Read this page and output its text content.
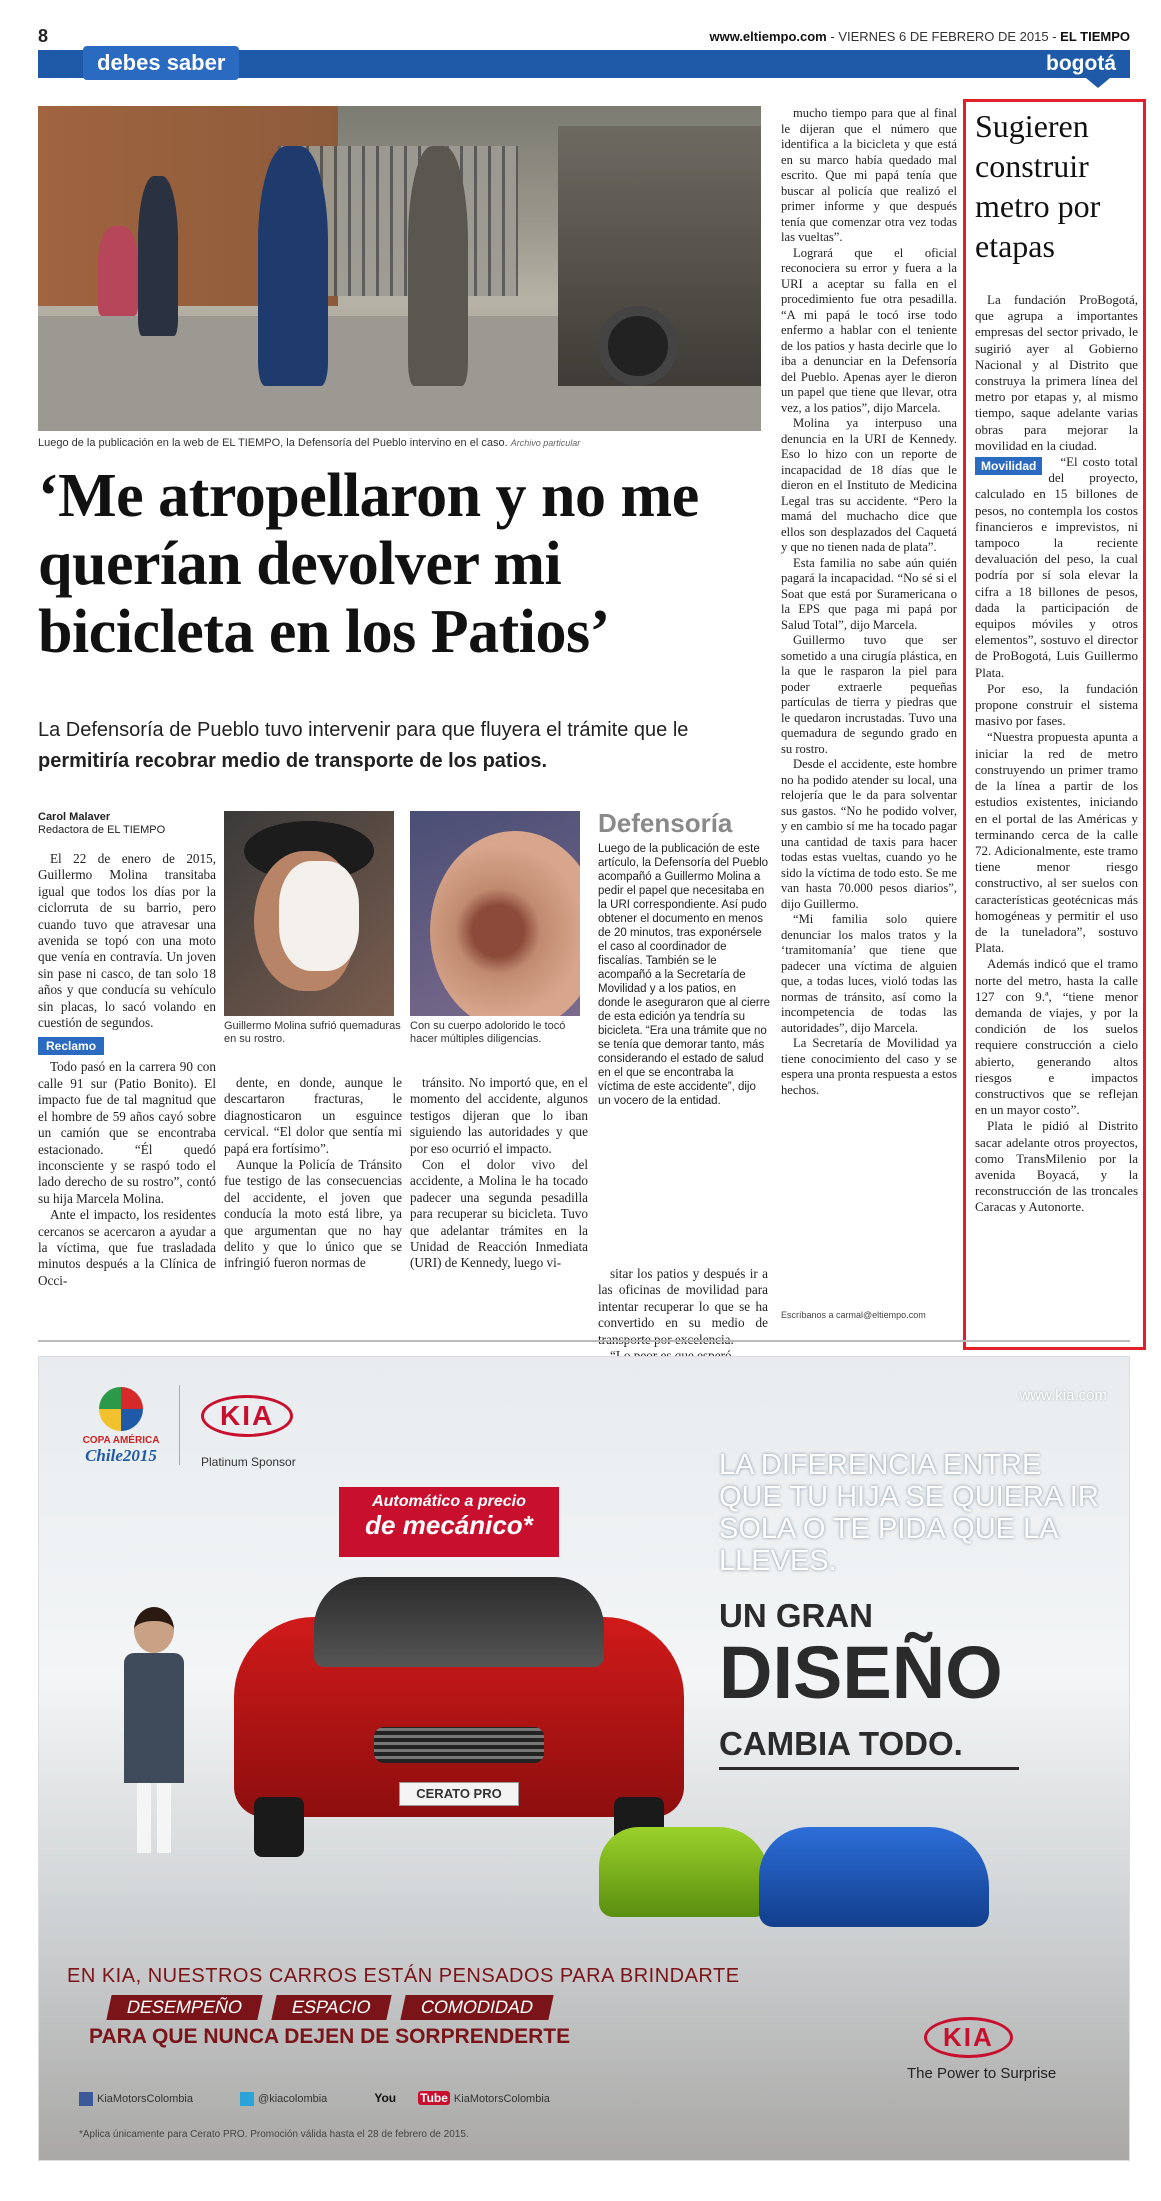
8	www.eltiempo.com - VIERNES 6 DE FEBRERO DE 2015 - EL TIEMPO
debes saber	bogotá
Luego de la publicación en la web de EL TIEMPO, la Defensoría del Pueblo intervino en el caso. Archivo particular
‘Me atropellaron y no me querían devolver mi bicicleta en los Patios’
La Defensoría de Pueblo tuvo intervenir para que fluyera el trámite que le permitiría recobrar medio de transporte de los patios.
Carol Malaver
Redactora de EL TIEMPO

El 22 de enero de 2015, Guillermo Molina transitaba igual que todos los días por la ciclorruta de su barrio, pero cuando tuvo que atravesar una avenida se topó con una moto que venía en contravía. Un joven sin pase ni casco, de tan solo 18 años y que conducía su vehículo sin placas, lo sacó volando en cuestión de segundos.

Reclamo

Todo pasó en la carrera 90 con calle 91 sur (Patio Bonito). El impacto fue de tal magnitud que el hombre de 59 años cayó sobre un camión que se encontraba estacionado. “Él quedó inconsciente y se raspó todo el lado derecho de su rostro”, contó su hija Marcela Molina.

Ante el impacto, los residentes cercanos se acercaron a ayudar a la víctima, que fue trasladada minutos después a la Clínica de Occi-

Guillermo Molina sufrió quemaduras en su rostro.
Con su cuerpo adolorido le tocó hacer múltiples diligencias.

dente, en donde, aunque le descartaron fracturas, le diagnosticaron un esguince cervical. “El dolor que sentía mi papá era fortísimo”.

Aunque la Policía de Tránsito fue testigo de las consecuencias del accidente, el joven que conducía la moto está libre, ya que argumentan que no hay delito y que lo único que se infringió fueron normas de

tránsito. No importó que, en el momento del accidente, algunos testigos dijeran que lo iban siguiendo las autoridades y que por eso ocurrió el impacto.

Con el dolor vivo del accidente, a Molina le ha tocado padecer una segunda pesadilla para recuperar su bicicleta. Tuvo que adelantar trámites en la Unidad de Reacción Inmediata (URI) de Kennedy, luego vi-

Defensoría
Luego de la publicación de este artículo, la Defensoría del Pueblo acompañó a Guillermo Molina a pedir el papel que necesitaba en la URI correspondiente. Así pudo obtener el documento en menos de 20 minutos, tras exponérsele el caso al coordinador de fiscalías. También se le acompañó a la Secretaría de Movilidad y a los patios, en donde le aseguraron que al cierre de esta edición ya tendría su bicicleta. “Era una trámite que no se tenía que demorar tanto, más considerando el estado de salud en el que se encontraba la víctima de este accidente”, dijo un vocero de la entidad.

sitar los patios y después ir a las oficinas de movilidad para intentar recuperar lo que se ha convertido en su medio de

mucho tiempo para que al final le dijeran que el número que identifica a la bicicleta y que está en su marco había quedado mal escrito. Que mi papá tenía que buscar al policía que realizó el primer informe y que después tenía que comenzar otra vez todas las vueltas”.

Logrará que el oficial reconociera su error y fuera a la URI a aceptar su falla en el procedimiento fue otra pesadilla. “A mi papá le tocó irse todo enfermo a hablar con el teniente de los patios y hasta decirle que lo iba a denunciar en la Defensoría del Pueblo. Apenas ayer le dieron un papel que tiene que llevar, otra vez, a los patios”, dijo Marcela.

Molina ya interpuso una denuncia en la URI de Kennedy. Eso lo hizo con un reporte de incapacidad de 18 días que le dieron en el Instituto de Medicina Legal tras su accidente. “Pero la mamá del muchacho dice que ellos son desplazados del Caquetá y que no tienen nada de plata”.

Esta familia no sabe aún quién pagará la incapacidad. “No sé si el Soat que está por Suramericana o la EPS que paga mi papá por Salud Total”, dijo Marcela.

Guillermo tuvo que ser sometido a una cirugía plástica, en la que le rasparon la piel para poder extraerle pequeñas partículas de tierra y piedras que le quedaron incrustadas. Tuvo una quemadura de segundo grado en su rostro.

Desde el accidente, este hombre no ha podido atender su local, una relojería que le da para solventar sus gastos. “No he podido volver, y en cambio sí me ha tocado pagar una cantidad de taxis para hacer todas estas vueltas, cuando yo he sido la víctima de todo esto. Se me van hasta 70.000 pesos diarios”, dijo Guillermo.

“Mi familia solo quiere denunciar los malos tratos y la ‘tramitomanía’ que tiene que padecer una víctima de alguien que, a todas luces, violó todas las normas de tránsito, así como la incompetencia de todas las autoridades”, dijo Marcela.

La Secretaría de Movilidad ya tiene conocimiento del caso y se espera una pronta respuesta a estos hechos.

Escríbanos a carmal@eltiempo.com
Sugieren construir metro por etapas

La fundación ProBogotá, que agrupa a importantes empresas del sector privado, le sugirió ayer al Gobierno Nacional y al Distrito que construya la primera línea del metro por etapas y, al mismo tiempo, saque adelante varias obras para mejorar la movilidad en la ciudad.

Movilidad	“El costo total del proyecto, calculado en 15 billones de pesos, no contempla los costos financieros e imprevistos, ni tampoco la reciente devaluación del peso, la cual podría por sí sola elevar la cifra a 18 billones de pesos, dada la participación de equipos móviles y otros elementos”, sostuvo el director de ProBogotá, Luis Guillermo Plata.

Por eso, la fundación propone construir el sistema masivo por fases.

“Nuestra propuesta apunta a iniciar la red de metro construyendo un primer tramo de la línea a partir de los estudios existentes, iniciando en el portal de las Américas y terminando cerca de la calle 72. Adicionalmente, este tramo tiene menor riesgo constructivo, al ser suelos con características geotécnicas más homogéneas y permitir el uso de la tuneladora”, sostuvo Plata.

Además indicó que el tramo norte del metro, hasta la calle 127 con 9.ª, “tiene menor demanda de viajes, y por la condición de los suelos requiere construcción a cielo abierto, generando altos riesgos e impactos constructivos que se reflejan en un mayor costo”.

Plata le pidió al Distrito sacar adelante otros proyectos, como TransMilenio por la avenida Boyacá, y la reconstrucción de las troncales Caracas y Autonorte.

www.kia.com
COPA AMÉRICA
Chile2015
KIA
Platinum Sponsor	LA DIFERENCIA ENTRE QUE TU HIJA SE QUIERA IR SOLA O TE PIDA QUE LA LLEVES.
UN GRAN
DISEÑO
CAMBIA TODO.
CERATO PRO
Automático a precio
de mecánico*
EN KIA, NUESTROS CARROS ESTÁN PENSADOS PARA BRINDARTE
DESEMPEÑO	ESPACIO	COMODIDAD
PARA QUE NUNCA DEJEN DE SORPRENDERTE	KIA
The Power to Surprise
KiaMotorsColombia	@kiacolombia	You Tube KiaMotorsColombia
*Aplica únicamente para Cerato PRO. Promoción válida hasta el 28 de febrero de 2015.
